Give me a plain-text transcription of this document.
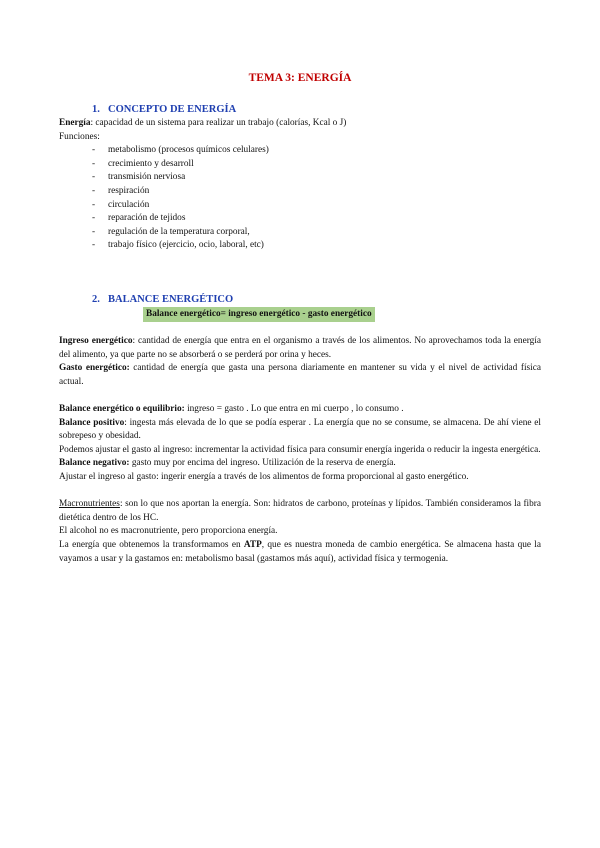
TEMA 3: ENERGÍA
1. CONCEPTO DE ENERGÍA
Energía: capacidad de un sistema para realizar un trabajo (calorías, Kcal o J)
Funciones:
- metabolismo (procesos químicos celulares)
- crecimiento y desarroll
- transmisión nerviosa
- respiración
- circulación
- reparación de tejidos
- regulación de la temperatura corporal,
- trabajo físico (ejercicio, ocio, laboral, etc)
2. BALANCE ENERGÉTICO
Balance energético= ingreso energético - gasto energético

Ingreso energético: cantidad de energía que entra en el organismo a través de los alimentos. No aprovechamos toda la energía del alimento, ya que parte no se absorberá o se perderá por orina y heces.

Gasto energético: cantidad de energía que gasta una persona diariamente en mantener su vida y el nivel de actividad física actual.

Balance energético o equilibrio: ingreso = gasto . Lo que entra en mi cuerpo , lo consumo .

Balance positivo: ingesta más elevada de lo que se podía esperar . La energía que no se consume, se almacena. De ahí viene el sobrepeso y obesidad.

Podemos ajustar el gasto al ingreso: incrementar la actividad física para consumir energía ingerida o reducir la ingesta energética.

Balance negativo: gasto muy por encima del ingreso. Utilización de la reserva de energía.

Ajustar el ingreso al gasto: ingerir energía a través de los alimentos de forma proporcional al gasto energético.

Macronutrientes: son lo que nos aportan la energía. Son: hidratos de carbono, proteínas y lípidos. También consideramos la fibra dietética dentro de los HC.

El alcohol no es macronutriente, pero proporciona energía.

La energía que obtenemos la transformamos en ATP, que es nuestra moneda de cambio energética. Se almacena hasta que la vayamos a usar y la gastamos en: metabolismo basal (gastamos más aquí), actividad física y termogenia.
